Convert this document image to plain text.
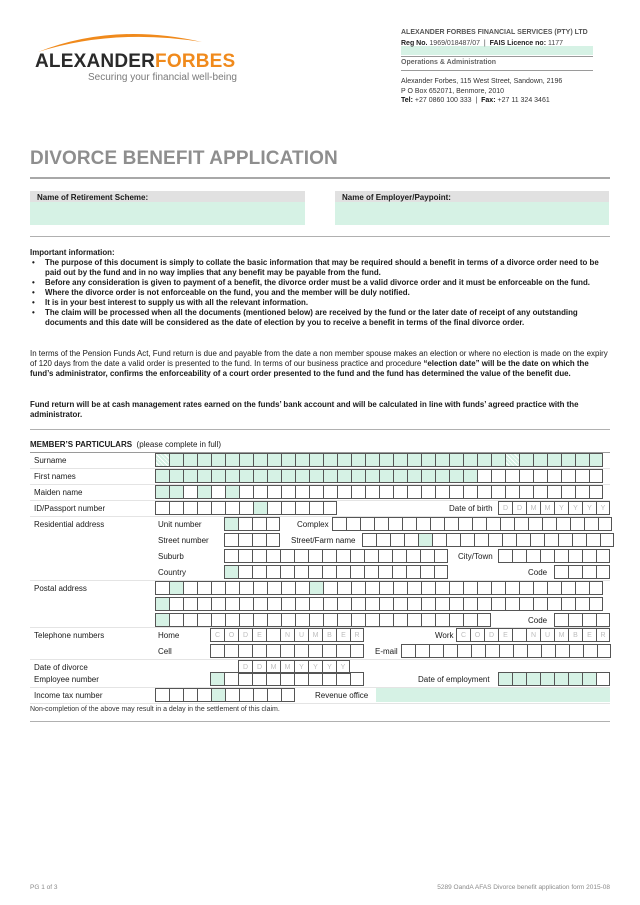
ALEXANDERFORBES
Securing your financial well-being
ALEXANDER FORBES FINANCIAL SERVICES (PTY) LTD
Reg No. 1969/018487/07  |  FAIS Licence no: 1177
Operations & Administration
Alexander Forbes, 115 West Street, Sandown, 2196
P O Box 652071, Benmore, 2010
Tel: +27 0860 100 333  |  Fax: +27 11 324 3461
DIVORCE BENEFIT APPLICATION
Name of Retirement Scheme:	Name of Employer/Paypoint:
Important information:
• The purpose of this document is simply to collate the basic information that may be required should a benefit in terms of a divorce order need to be paid out by the fund and in no way implies that any benefit may be payable from the fund.
• Before any consideration is given to payment of a benefit, the divorce order must be a valid divorce order and it must be enforceable on the fund.
• Where the divorce order is not enforceable on the fund, you and the member will be duly notified.
• It is in your best interest to supply us with all the relevant information.
• The claim will be processed when all the documents (mentioned below) are received by the fund or the later date of receipt of any outstanding documents and this date will be considered as the date of election by you to receive a benefit in terms of the final divorce order.
In terms of the Pension Funds Act, Fund return is due and payable from the date a non member spouse makes an election or where no election is made on the expiry of 120 days from the date a valid order is presented to the fund. In terms of our business practice and procedure “election date” will be the date on which the fund’s administrator, confirms the enforceability of a court order presented to the fund and the fund has determined the value of the benefit due.
Fund return will be at cash management rates earned on the funds’ bank account and will be calculated in line with funds’ agreed practice with the administrator.
MEMBER’S PARTICULARS (please complete in full)
Surname
First names
Maiden name
ID/Passport number	Date of birth	D	D	M	M	Y	Y	Y	Y
Residential address	Unit number	Complex
Street number	Street/Farm name
Suburb	City/Town
Country	Code
Postal address
Code
Telephone numbers	Home	C	O	D	E	N	U	M	B	E	R	Work	C	O	D	E	N	U	M	B	E	R
Cell	E-mail
Date of divorce	D	D	M	M	Y	Y	Y	Y
Employee number	Date of employment
Income tax number	Revenue office
Non-completion of the above may result in a delay in the settlement of this claim.
PG 1 of 3	5289 OandA AFAS Divorce benefit application form 2015-08
